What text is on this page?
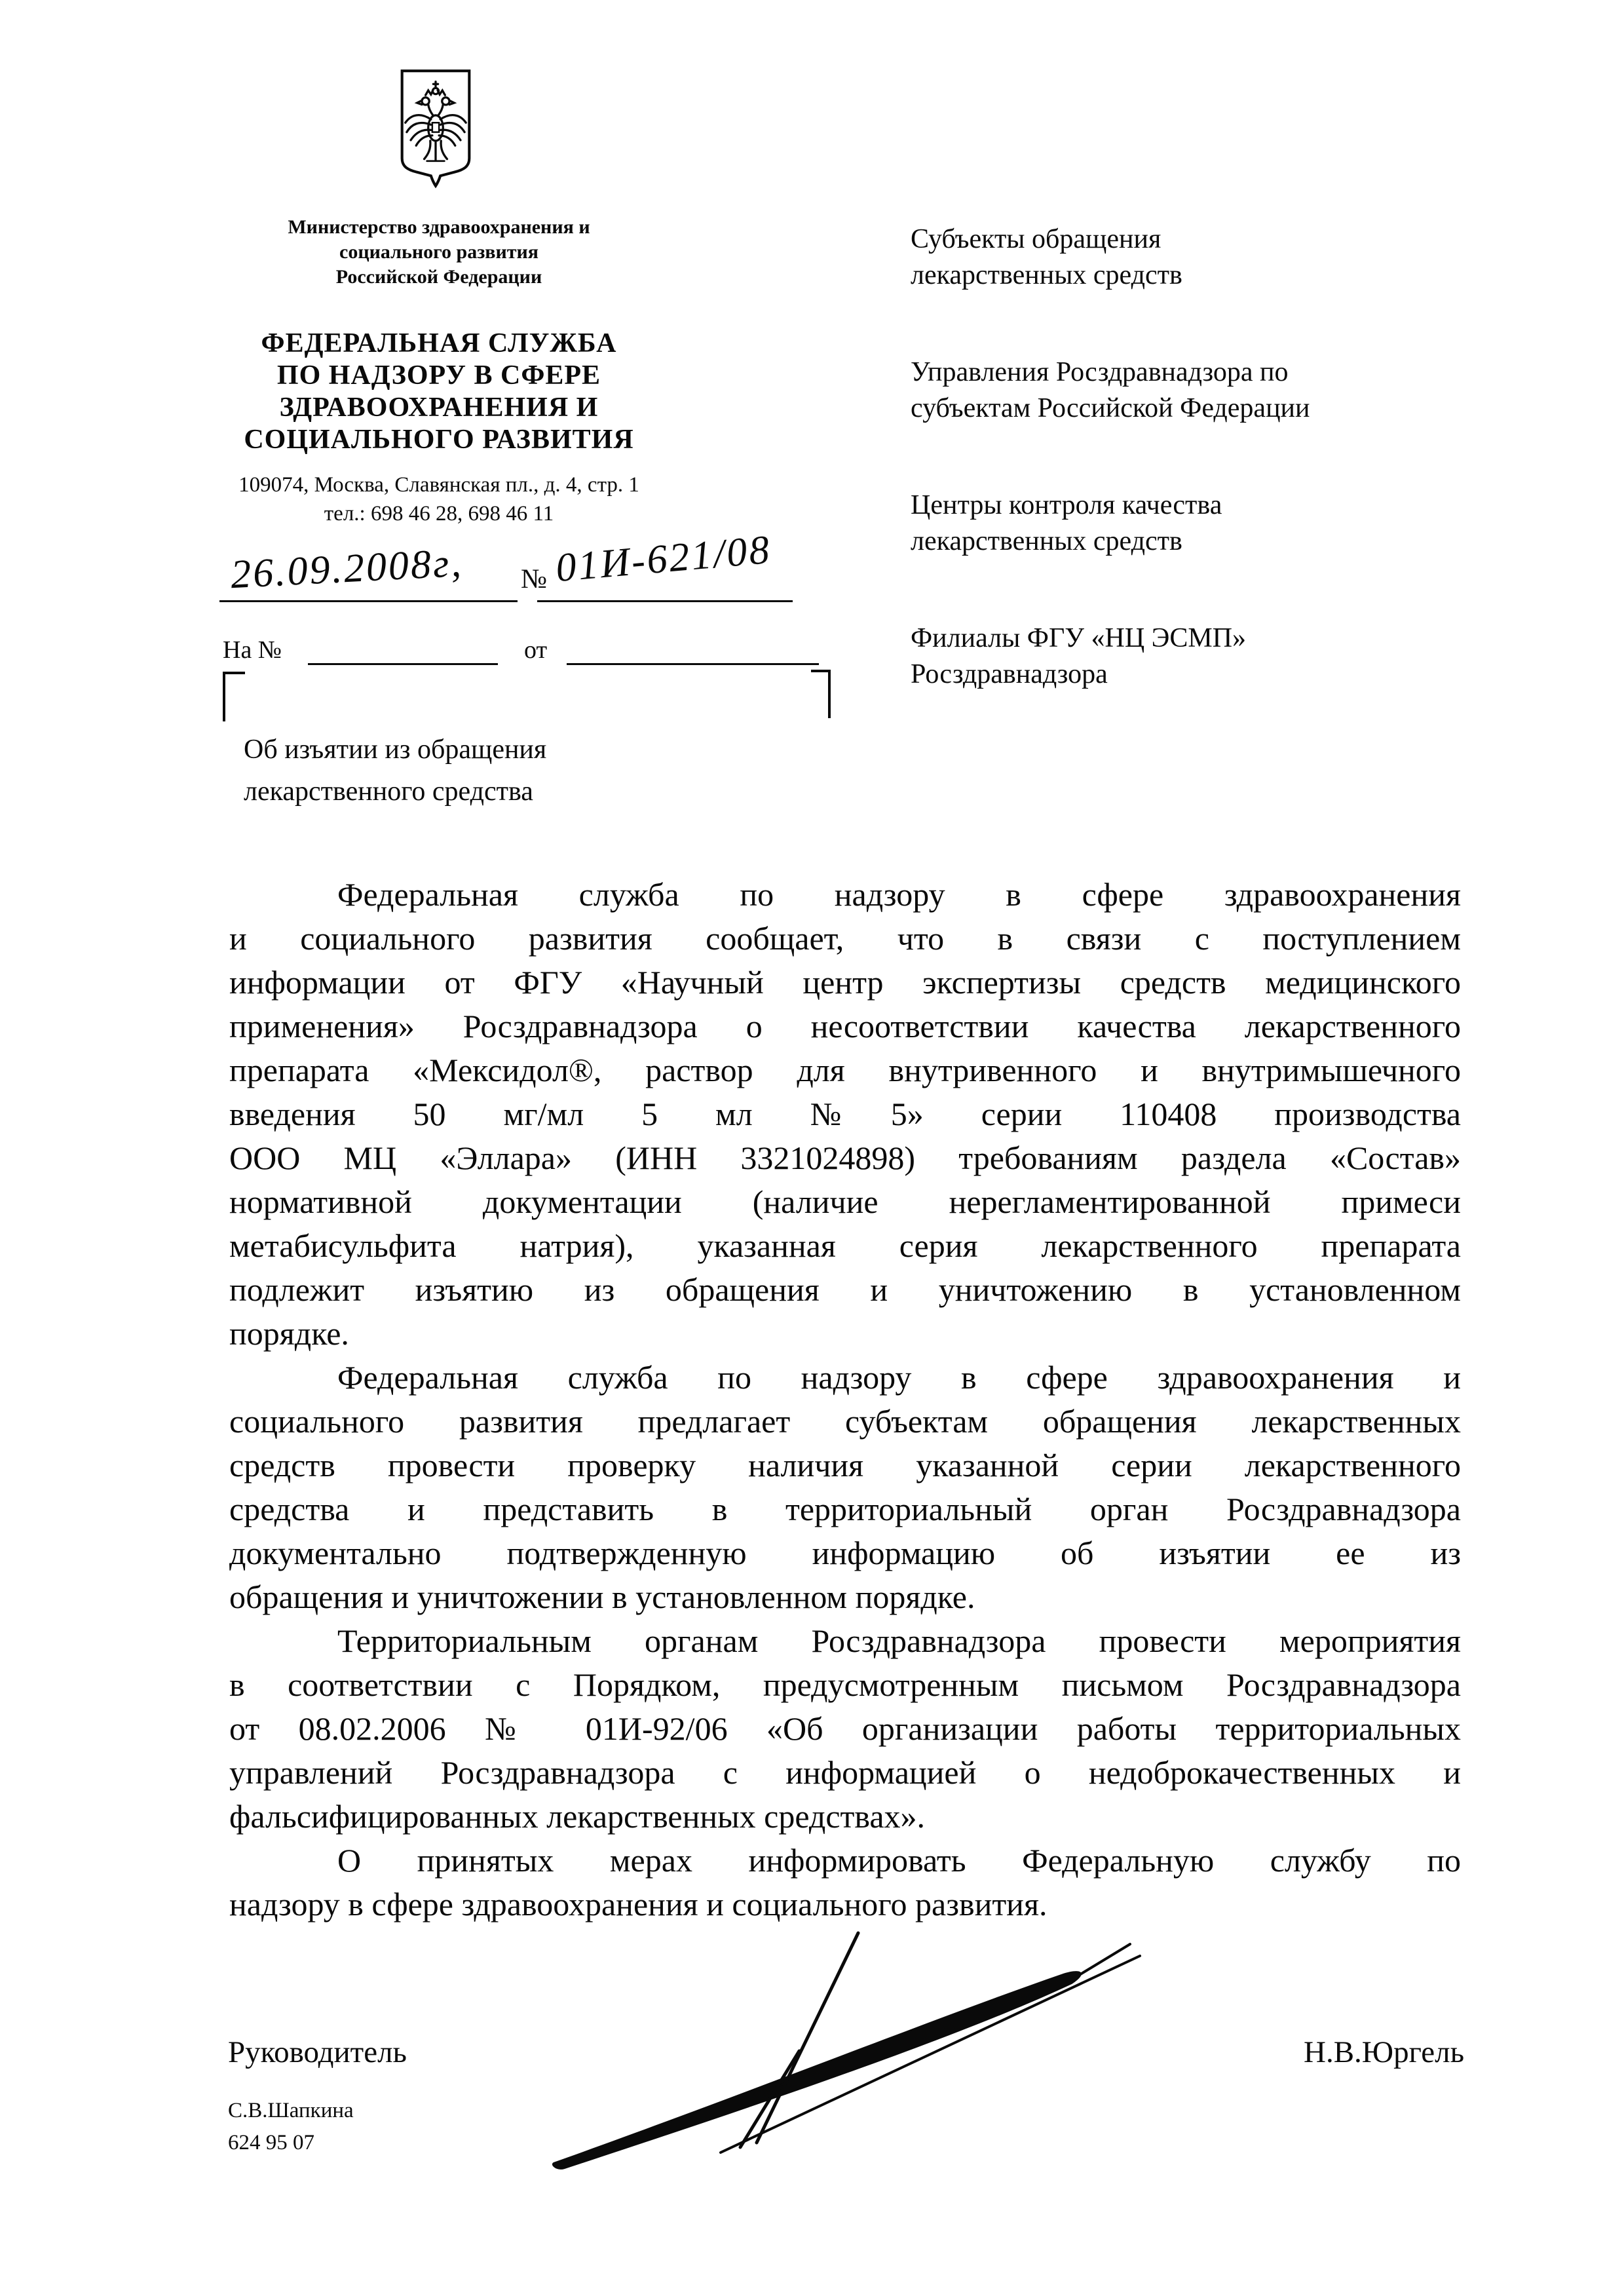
Министерство здравоохранения и
социального развития
Российской Федерации
ФЕДЕРАЛЬНАЯ СЛУЖБА
ПО НАДЗОРУ В СФЕРЕ
ЗДРАВООХРАНЕНИЯ И
СОЦИАЛЬНОГО РАЗВИТИЯ
109074, Москва, Славянская пл., д. 4, стр. 1
тел.: 698 46 28, 698 46 11
26.09.2008г, № 01И-621/08
На №	от
Об изъятии из обращения
лекарственного средства
Субъекты обращения
лекарственных средств
Управления Росздравнадзора по
субъектам Российской Федерации
Центры контроля качества
лекарственных средств
Филиалы ФГУ «НЦ ЭСМП»
Росздравнадзора
Федеральная служба по надзору в сфере здравоохранения
и социального развития сообщает, что в связи с поступлением
информации от ФГУ «Научный центр экспертизы средств медицинского
применения» Росздравнадзора о несоответствии качества лекарственного
препарата «Мексидол®, раствор для внутривенного и внутримышечного
введения 50 мг/мл 5 мл №5» серии 110408 производства
ООО МЦ «Эллара» (ИНН 3321024898) требованиям раздела «Состав»
нормативной документации (наличие нерегламентированной примеси
метабисульфита натрия), указанная серия лекарственного препарата
подлежит изъятию из обращения и уничтожению в установленном
порядке.
Федеральная служба по надзору в сфере здравоохранения и
социального развития предлагает субъектам обращения лекарственных
средств провести проверку наличия указанной серии лекарственного
средства и представить в территориальный орган Росздравнадзора
документально подтвержденную информацию об изъятии ее из
обращения и уничтожении в установленном порядке.
Территориальным органам Росздравнадзора провести мероприятия
в соответствии с Порядком, предусмотренным письмом Росздравнадзора
от 08.02.2006 № 01И-92/06 «Об организации работы территориальных
управлений Росздравнадзора с информацией о недоброкачественных и
фальсифицированных лекарственных средствах».
О принятых мерах информировать Федеральную службу по
надзору в сфере здравоохранения и социального развития.
Руководитель	Н.В.Юргель
С.В.Шапкина
624 95 07
